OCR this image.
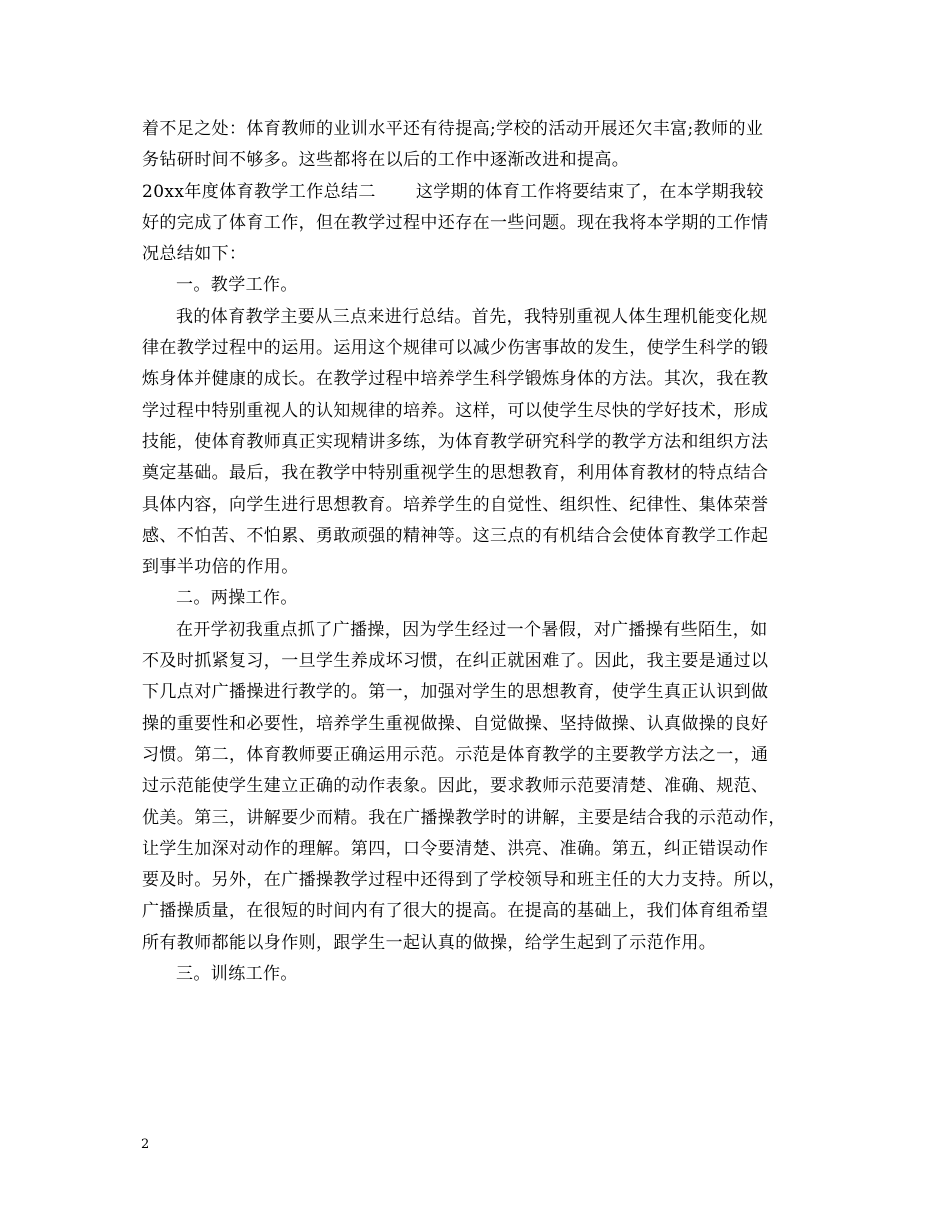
着不足之处：体育教师的业训水平还有待提高;学校的活动开展还欠丰富;教师的业
务钻研时间不够多。这些都将在以后的工作中逐渐改进和提高。
20xx年度体育教学工作总结二 这学期的体育工作将要结束了，在本学期我较
好的完成了体育工作，但在教学过程中还存在一些问题。现在我将本学期的工作情
况总结如下：
一。教学工作。
我的体育教学主要从三点来进行总结。首先，我特别重视人体生理机能变化规
律在教学过程中的运用。运用这个规律可以减少伤害事故的发生，使学生科学的锻
炼身体并健康的成长。在教学过程中培养学生科学锻炼身体的方法。其次，我在教
学过程中特别重视人的认知规律的培养。这样，可以使学生尽快的学好技术，形成
技能，使体育教师真正实现精讲多练，为体育教学研究科学的教学方法和组织方法
奠定基础。最后，我在教学中特别重视学生的思想教育，利用体育教材的特点结合
具体内容，向学生进行思想教育。培养学生的自觉性、组织性、纪律性、集体荣誉
感、不怕苦、不怕累、勇敢顽强的精神等。这三点的有机结合会使体育教学工作起
到事半功倍的作用。
二。两操工作。
在开学初我重点抓了广播操，因为学生经过一个暑假，对广播操有些陌生，如
不及时抓紧复习，一旦学生养成坏习惯，在纠正就困难了。因此，我主要是通过以
下几点对广播操进行教学的。第一，加强对学生的思想教育，使学生真正认识到做
操的重要性和必要性，培养学生重视做操、自觉做操、坚持做操、认真做操的良好
习惯。第二，体育教师要正确运用示范。示范是体育教学的主要教学方法之一，通
过示范能使学生建立正确的动作表象。因此，要求教师示范要清楚、准确、规范、
优美。第三，讲解要少而精。我在广播操教学时的讲解，主要是结合我的示范动作，
让学生加深对动作的理解。第四，口令要清楚、洪亮、准确。第五，纠正错误动作
要及时。另外，在广播操教学过程中还得到了学校领导和班主任的大力支持。所以，
广播操质量，在很短的时间内有了很大的提高。在提高的基础上，我们体育组希望
所有教师都能以身作则，跟学生一起认真的做操，给学生起到了示范作用。
三。训练工作。
2
